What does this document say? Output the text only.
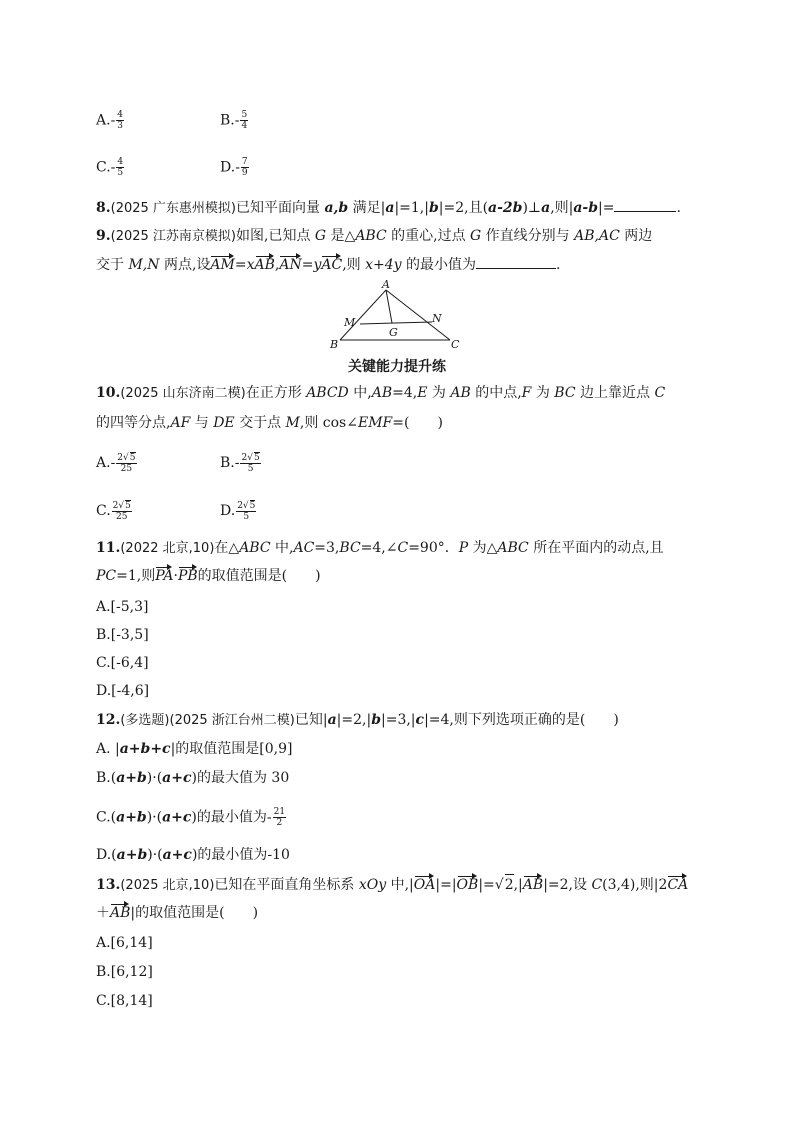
$A.- \frac{4}{3}$	$B.- \frac{5}{4}$
$C.- \frac{4}{5}$	$D.- \frac{7}{9}$
8.(2025 广东惠州模拟)已知平面向量 a,b 满足|a|=1,|b|=2,且(a-2b)⊥a,则|a-b|=	.
9.(2025 江苏南京模拟)如图,已知点 G 是△ABC 的重心,过点 G 作直线分别与 AB,AC 两边
交于 M,N 两点,设AM=xAB,AN=yAC,则 x+4y 的最小值为	.
A
B	C
M	N
G
关键能力提升练
10.(2025 山东济南二模)在正方形 ABCD 中,AB=4,E 为 AB 的中点,F 为 BC 边上靠近点 C
的四等分点,AF 与 DE 交于点 M,则 cos∠EMF=(　　)
$A.- \frac{2√5}{25}$	$B.- \frac{2√5}{5}$
C. $\frac{2√5}{25}$	D. $\frac{2√5}{5}$
11.(2022 北京,10)在△ABC 中,AC=3,BC=4,∠C=90°．P 为△ABC 所在平面内的动点,且
PC=1,则PA·PB的取值范围是(　　)
A.[-5,3]
B.[-3,5]
C.[-6,4]
D.[-4,6]
12.(多选题)(2025 浙江台州二模)已知|a|=2,|b|=3,|c|=4,则下列选项正确的是(　　)
A. |a+b+c|的取值范围是[0,9]
B.(a+b)·(a+c)的最大值为 30
C.(a+b)·(a+c)的最小值为- $\frac{21}{2}$
D.(a+b)·(a+c)的最小值为-10
13.(2025 北京,10)已知在平面直角坐标系 xOy 中,|OA|=|OB|=√2,|AB|=2,设 C(3,4),则|2CA
＋AB|的取值范围是(　　)
A.[6,14]
B.[6,12]
C.[8,14]
